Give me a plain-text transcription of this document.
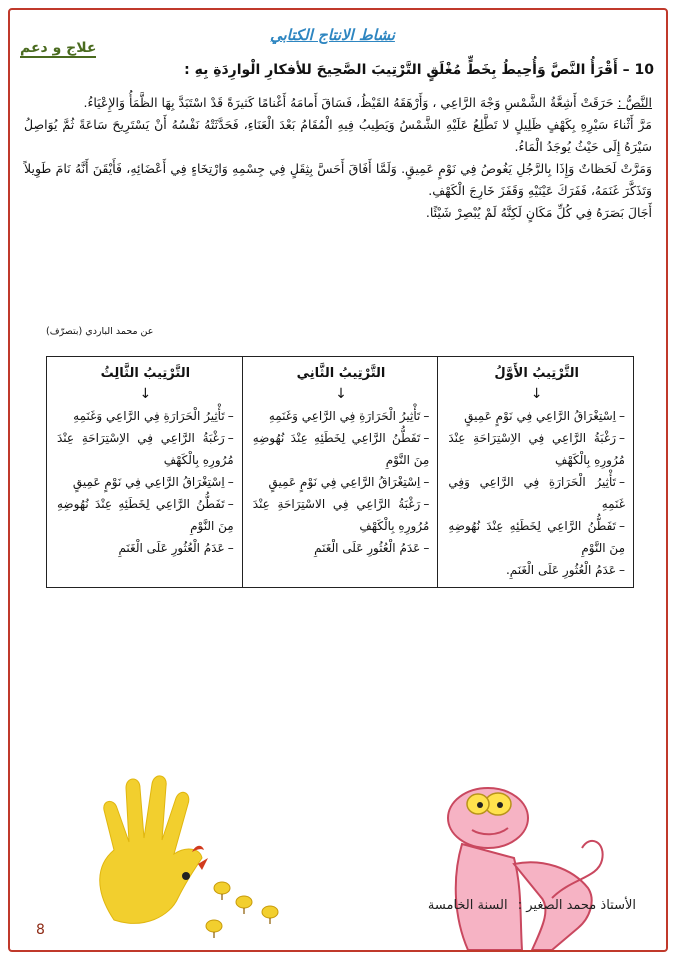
نشاط الانتاج الكتابي
علاج و دعم
10 – أَقْرَأُ النَّصَّ وَأُحِيطُ بِخَطٍّ مُغْلَقٍ التَّرْتِيبَ الصَّحِيحَ للأفكارِ الْوارِدَةِ بِهِ :

النَّصُّ : حَرَقَتْ أَشِعَّةُ الشَّمْسِ وَجْهَ الرَّاعِي ، وَأَرْهَقَهُ القَيْظُ، فَسَاقَ أَمامَهُ أَغْنامًا كَثيرَةً قَدْ اسْتَبَدَّ بِهَا الظَّمَأُ وَالإِعْيَاءُ.

مَرَّ أَثْناءَ سَيْرِهِ بِكَهْفٍ ظَلِيلٍ لا تَطَّلِعُ عَلَيْهِ الشَّمْسُ وَيَطِيبُ فِيهِ الْمُقَامُ بَعْدَ الْعَنَاءِ، فَحَدَّثَتْهُ نَفْسُهُ أَنْ يَسْتَرِيحَ سَاعَةً ثُمَّ يُوَاصِلُ سَيْرَهُ إِلَى حَيْثُ يُوجَدُ الْمَاءُ.

وَمَرَّتْ لَحَظاتٌ وَإِذَا بِالرَّجُلِ يَغُوصُ فِي نَوْمٍ عَمِيقٍ. وَلَمَّا أَفَاقَ أَحَسَّ بِثِقَلٍ فِي جِسْمِهِ وَارْتِخَاءٍ فِي أَعْضَائِهِ، فَأَيْقَنَ أَنَّهُ نَامَ طَوِيلاً وَتَذَكَّرَ غَنَمَهُ، فَفَرَكَ عَيْنَيْهِ وَقَفَزَ خَارِجَ الْكَهْفِ.

أَجَالَ بَصَرَهُ فِي كُلِّ مَكَانٍ لَكِنَّهُ لَمْ يُبْصِرْ شَيْئًا.

عن محمد الباردي (بتصرّف)
التَّرْتِيبُ الأَوَّلُ
↓

–اِسْتِغْرَاقُ الرَّاعِي فِي نَوْمٍ عَمِيقٍ

–رَغْبَةُ الرَّاعِي فِي الاِسْتِرَاحَةِ عِنْدَ مُرُورِهِ بِالْكَهْفِ

–تَأْثِيرُ الْحَرَارَةِ فِي الرَّاعِي وَفِي غَنَمِهِ

–تَفَطُّنُ الرَّاعِي لِخَطَئِهِ عِنْدَ نُهُوضِهِ مِنَ النَّوْمِ

–عَدَمُ الْعُثُورِ عَلَى الْغَنَمِ.

التَّرْتِيبُ الثَّانِي
↓

–تَأْثِيرُ الْحَرَارَةِ فِي الرَّاعِي وَغَنَمِهِ

–تَفَطُّنُ الرَّاعِي لِخَطَئِهِ عِنْدَ نُهُوضِهِ مِنَ النَّوْمِ

–اِسْتِغْرَاقُ الرَّاعِي فِي نَوْمٍ عَمِيقٍ

–رَغْبَةُ الرَّاعِي فِي الاسْتِرَاحَةِ عِنْدَ مُرُورِهِ بِالْكَهْفِ

–عَدَمُ الْعُثُورِ عَلَى الْغَنَمِ

التَّرْتِيبُ الثَّالِثُ
↓

–تَأْثِيرُ الْحَرَارَةِ فِي الرَّاعِي وَغَنَمِهِ

–رَغْبَةُ الرَّاعِي فِي الاِسْتِرَاحَةِ عِنْدَ مُرُورِهِ بِالْكَهْفِ

–اِسْتِغْرَاقُ الرَّاعِي فِي نَوْمٍ عَمِيقٍ

–تَفَطُّنُ الرَّاعِي لِخَطَئِهِ عِنْدَ نُهُوضِهِ مِنَ النَّوْمِ

–عَدَمُ الْعُثُورِ عَلَى الْغَنَمِ

الأستاذ محمد الصغير : السنة الخامسة
8
